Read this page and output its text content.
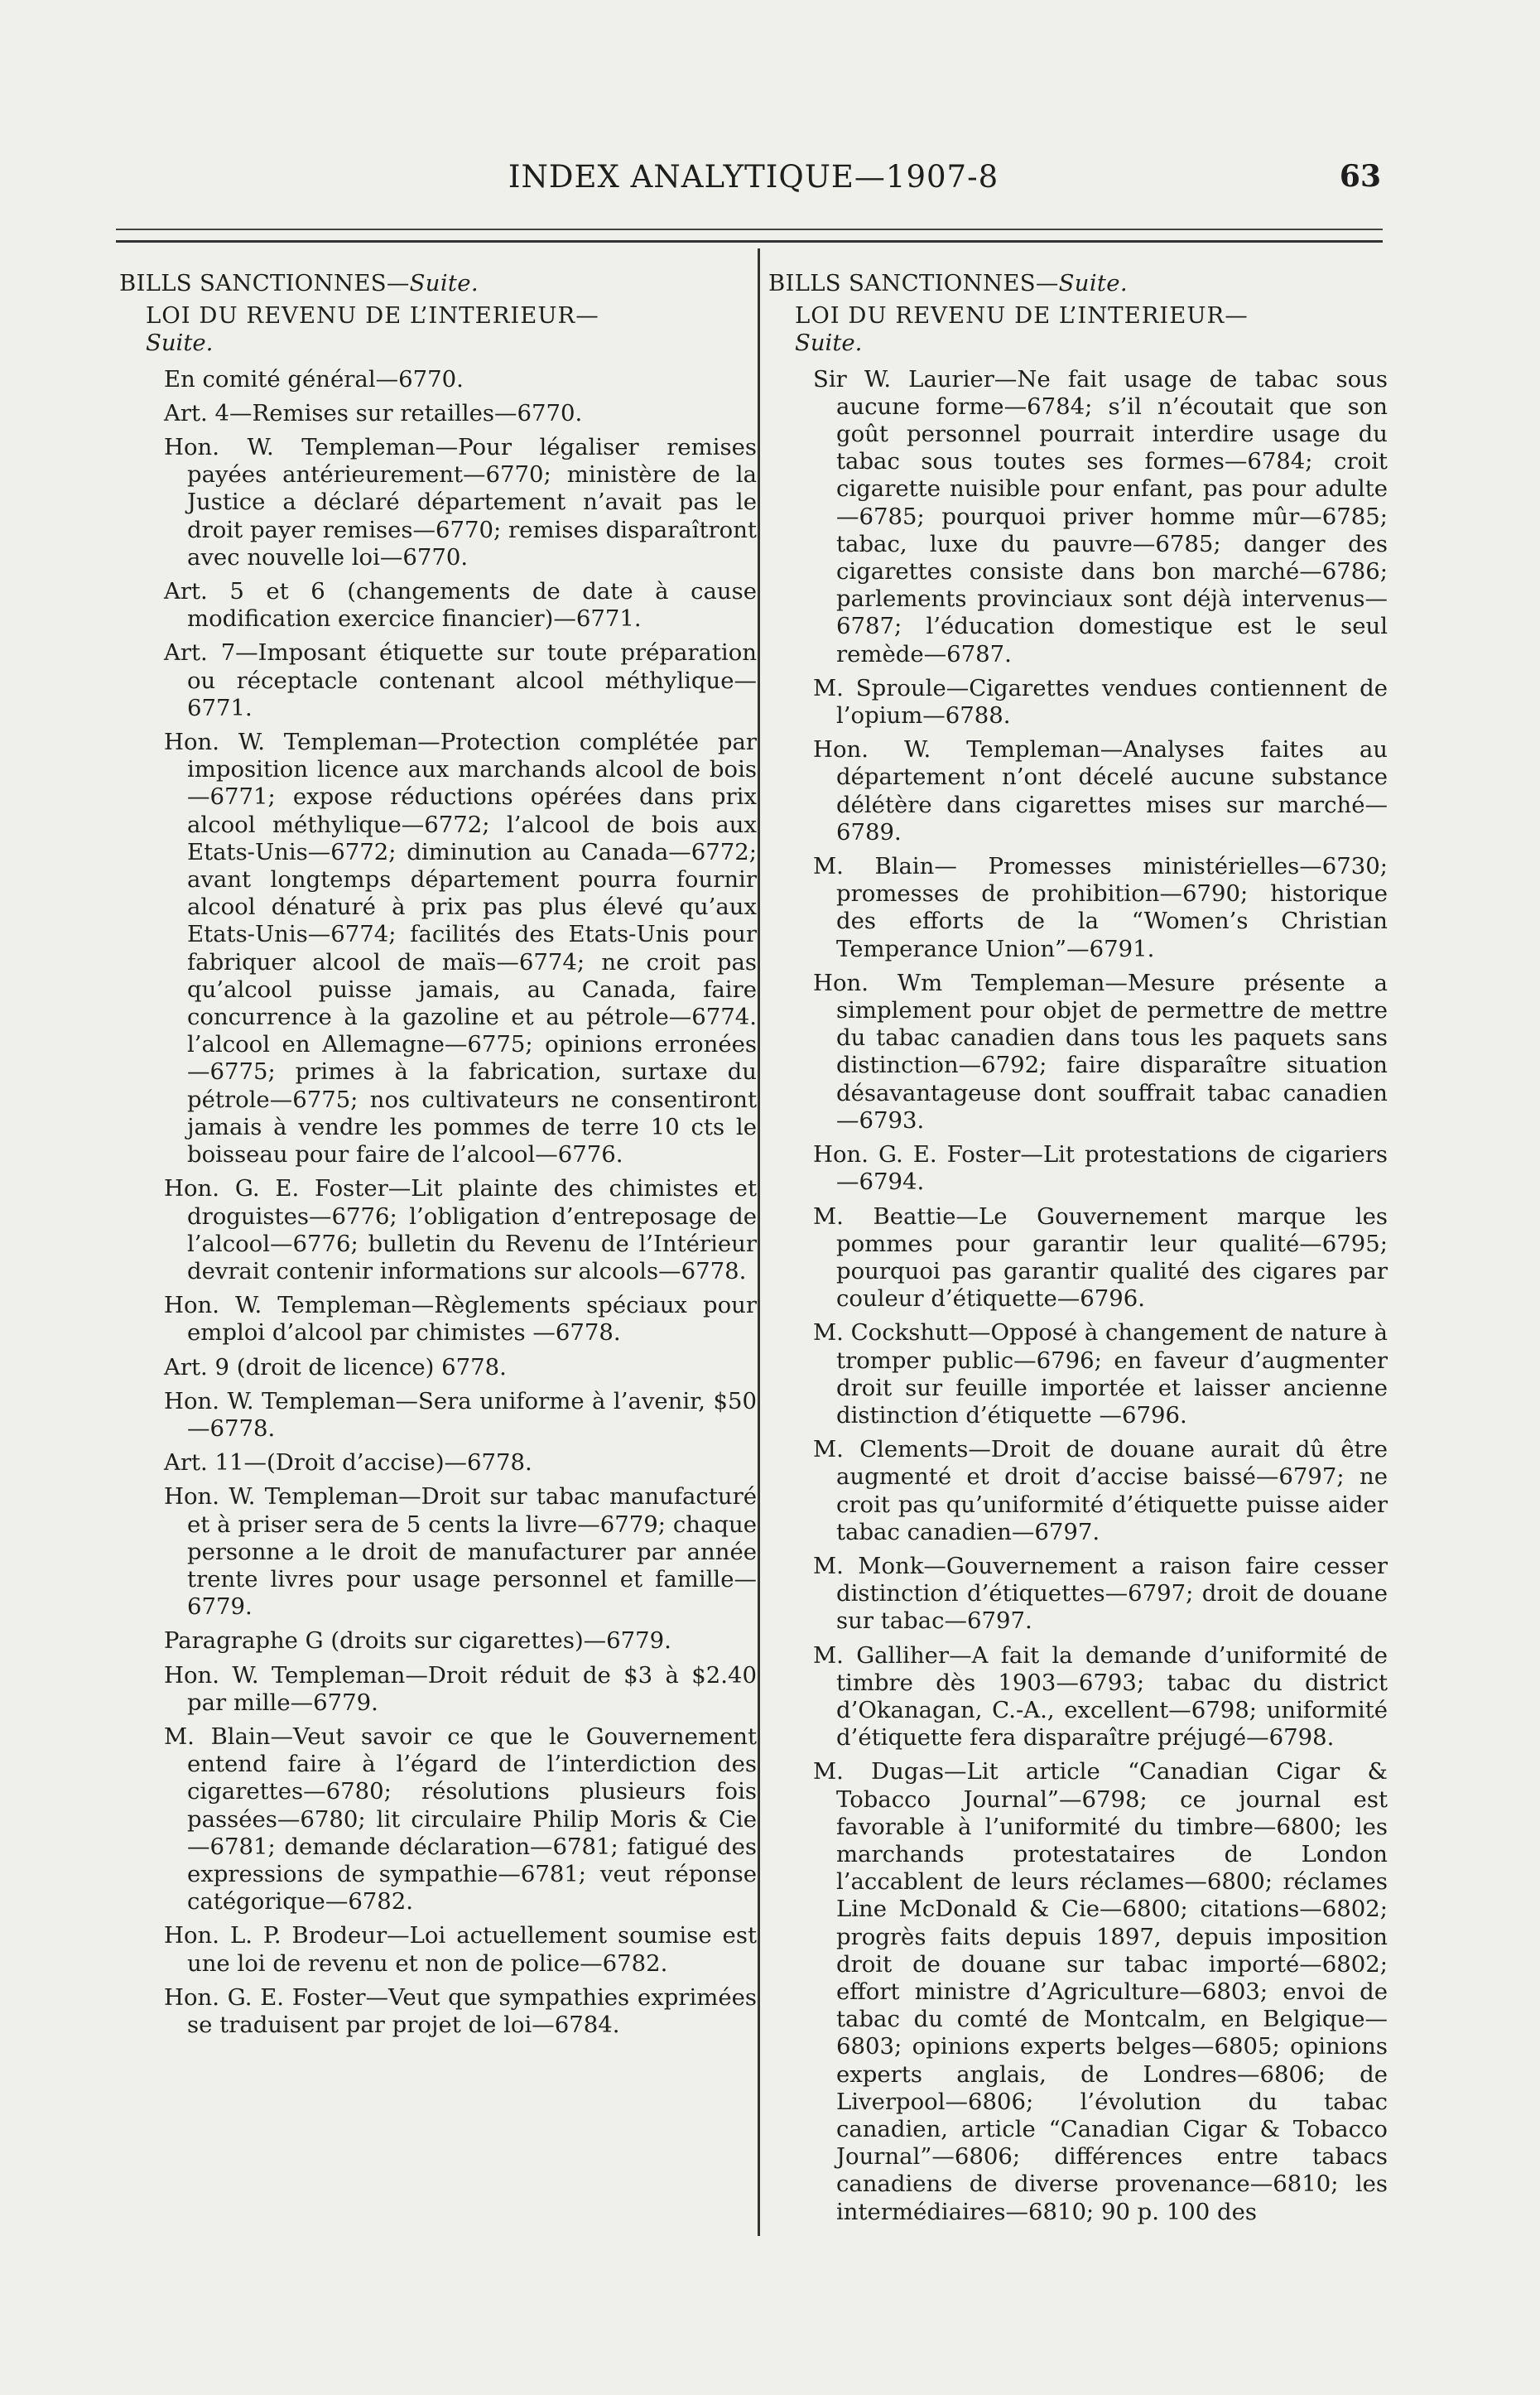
INDEX ANALYTIQUE—1907-8	63

BILLS SANCTIONNES—Suite.

LOI DU REVENU DE L’INTERIEUR—
Suite.

En comité général—6770.

Art. 4—Remises sur retailles—6770.

Hon. W. Templeman—Pour légaliser remises payées antérieurement—6770; ministère de la Justice a déclaré département n’avait pas le droit payer remises—6770; remises disparaîtront avec nouvelle loi—6770.

Art. 5 et 6 (changements de date à cause modification exercice financier)—6771.

Art. 7—Imposant étiquette sur toute préparation ou réceptacle contenant alcool méthylique—6771.

Hon. W. Templeman—Protection complétée par imposition licence aux marchands alcool de bois—6771; expose réductions opérées dans prix alcool méthylique—6772; l’alcool de bois aux Etats-Unis—6772; diminution au Canada—6772; avant longtemps département pourra fournir alcool dénaturé à prix pas plus élevé qu’aux Etats-Unis—6774; facilités des Etats-Unis pour fabriquer alcool de maïs—6774; ne croit pas qu’alcool puisse jamais, au Canada, faire concurrence à la gazoline et au pétrole—6774. l’alcool en Allemagne—6775; opinions erronées—6775; primes à la fabrication, surtaxe du pétrole—6775; nos cultivateurs ne consentiront jamais à vendre les pommes de terre 10 cts le boisseau pour faire de l’alcool—6776.

Hon. G. E. Foster—Lit plainte des chimistes et droguistes—6776; l’obligation d’entreposage de l’alcool—6776; bulletin du Revenu de l’Intérieur devrait contenir informations sur alcools—6778.

Hon. W. Templeman—Règlements spéciaux pour emploi d’alcool par chimistes —6778.

Art. 9 (droit de licence) 6778.

Hon. W. Templeman—Sera uniforme à l’avenir, $50—6778.

Art. 11—(Droit d’accise)—6778.

Hon. W. Templeman—Droit sur tabac manufacturé et à priser sera de 5 cents la livre—6779; chaque personne a le droit de manufacturer par année trente livres pour usage personnel et famille—6779.

Paragraphe G (droits sur cigarettes)—6779.

Hon. W. Templeman—Droit réduit de $3 à $2.40 par mille—6779.

M. Blain—Veut savoir ce que le Gouvernement entend faire à l’égard de l’interdiction des cigarettes—6780; résolutions plusieurs fois passées—6780; lit circulaire Philip Moris & Cie—6781; demande déclaration—6781; fatigué des expressions de sympathie—6781; veut réponse catégorique—6782.

Hon. L. P. Brodeur—Loi actuellement soumise est une loi de revenu et non de police—6782.

Hon. G. E. Foster—Veut que sympathies exprimées se traduisent par projet de loi—6784.

BILLS SANCTIONNES—Suite.

LOI DU REVENU DE L’INTERIEUR—
Suite.

Sir W. Laurier—Ne fait usage de tabac sous aucune forme—6784; s’il n’écoutait que son goût personnel pourrait interdire usage du tabac sous toutes ses formes—6784; croit cigarette nuisible pour enfant, pas pour adulte—6785; pourquoi priver homme mûr—6785; tabac, luxe du pauvre—6785; danger des cigarettes consiste dans bon marché—6786; parlements provinciaux sont déjà intervenus—6787; l’éducation domestique est le seul remède—6787.

M. Sproule—Cigarettes vendues contiennent de l’opium—6788.

Hon. W. Templeman—Analyses faites au département n’ont décelé aucune substance délétère dans cigarettes mises sur marché—6789.

M. Blain— Promesses ministérielles—6730; promesses de prohibition—6790; historique des efforts de la “Women’s Christian Temperance Union”—6791.

Hon. Wm Templeman—Mesure présente a simplement pour objet de permettre de mettre du tabac canadien dans tous les paquets sans distinction—6792; faire disparaître situation désavantageuse dont souffrait tabac canadien—6793.

Hon. G. E. Foster—Lit protestations de cigariers—6794.

M. Beattie—Le Gouvernement marque les pommes pour garantir leur qualité—6795; pourquoi pas garantir qualité des cigares par couleur d’étiquette—6796.

M. Cockshutt—Opposé à changement de nature à tromper public—6796; en faveur d’augmenter droit sur feuille importée et laisser ancienne distinction d’étiquette —6796.

M. Clements—Droit de douane aurait dû être augmenté et droit d’accise baissé—6797; ne croit pas qu’uniformité d’étiquette puisse aider tabac canadien—6797.

M. Monk—Gouvernement a raison faire cesser distinction d’étiquettes—6797; droit de douane sur tabac—6797.

M. Galliher—A fait la demande d’uniformité de timbre dès 1903—6793; tabac du district d’Okanagan, C.-A., excellent—6798; uniformité d’étiquette fera disparaître préjugé—6798.

M. Dugas—Lit article “Canadian Cigar & Tobacco Journal”—6798; ce journal est favorable à l’uniformité du timbre—6800; les marchands protestataires de London l’accablent de leurs réclames—6800; réclames Line McDonald & Cie—6800; citations—6802; progrès faits depuis 1897, depuis imposition droit de douane sur tabac importé—6802; effort ministre d’Agriculture—6803; envoi de tabac du comté de Montcalm, en Belgique—6803; opinions experts belges—6805; opinions experts anglais, de Londres—6806; de Liverpool—6806; l’évolution du tabac canadien, article “Canadian Cigar & Tobacco Journal”—6806; différences entre tabacs canadiens de diverse provenance—6810; les intermédiaires—6810; 90 p. 100 des
